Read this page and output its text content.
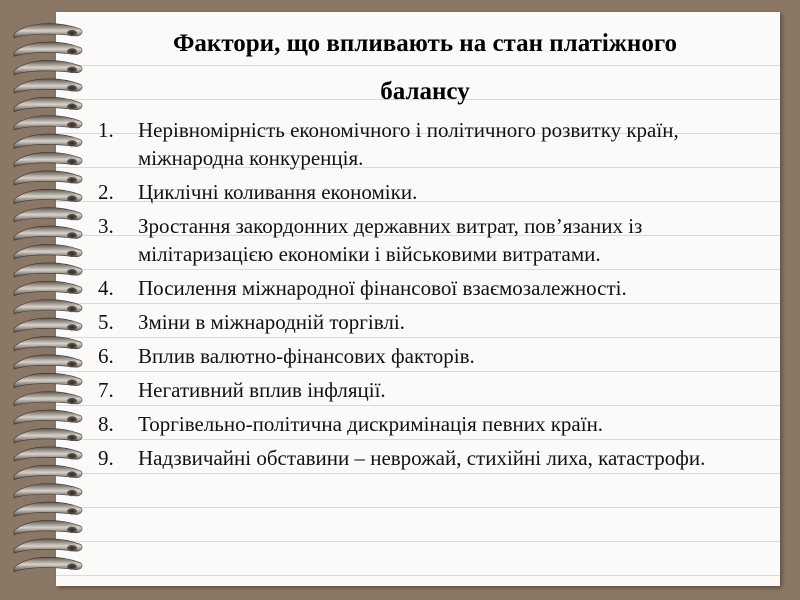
Фактори, що впливають на стан платіжного
балансу
1.	Нерівномірність економічного і політичного розвитку країн, міжнародна конкуренція.
2.	Циклічні коливання економіки.
3.	Зростання закордонних державних витрат, пов’язаних із мілітаризацією економіки і військовими витратами.
4.	Посилення міжнародної фінансової взаємозалежності.
5.	Зміни в міжнародній торгівлі.
6.	Вплив валютно-фінансових факторів.
7.	Негативний вплив інфляції.
8.	Торгівельно-політична дискримінація певних країн.
9.	Надзвичайні обставини – неврожай, стихійні лиха, катастрофи.
